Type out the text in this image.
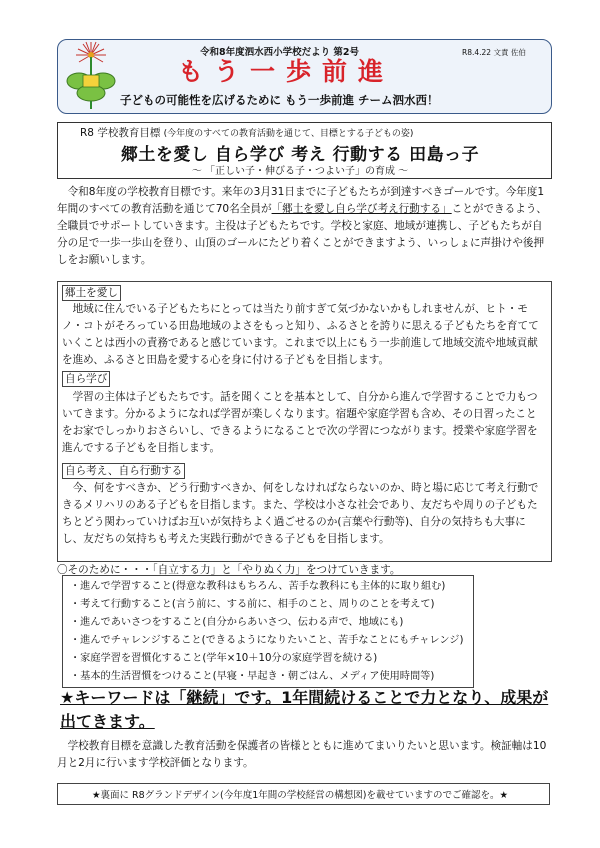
令和8年度泗水西小学校だより 第2号	R8.4.22 文責 佐伯
もう一歩前進
子どもの可能性を広げるために もう一歩前進 チーム泗水西！
R8 学校教育目標 (今年度のすべての教育活動を通じて、目標とする子どもの姿)
郷土を愛し 自ら学び 考え 行動する 田島っ子
～ 「正しい子・伸びる子・つよい子」の育成 ～

　令和8年度の学校教育目標です。来年の3月31日までに子どもたちが到達すべきゴールです。今年度1年間のすべての教育活動を通じて70名全員が「郷土を愛し自ら学び考え行動する」ことができるよう、全職員でサポートしていきます。主役は子どもたちです。学校と家庭、地域が連携し、子どもたちが自分の足で一歩一歩山を登り、山頂のゴールにたどり着くことができますよう、いっしょに声掛けや後押しをお願いします。

郷土を愛し

　地域に住んでいる子どもたちにとっては当たり前すぎて気づかないかもしれませんが、ヒト・モノ・コトがそろっている田島地域のよさをもっと知り、ふるさとを誇りに思える子どもたちを育てていくことは西小の責務であると感じています。これまで以上にもう一歩前進して地域交流や地域貢献を進め、ふるさと田島を愛する心を身に付ける子どもを目指します。

自ら学び

　学習の主体は子どもたちです。話を聞くことを基本として、自分から進んで学習することで力もついてきます。分かるようになれば学習が楽しくなります。宿題や家庭学習も含め、その日習ったことをお家でしっかりおさらいし、できるようになることで次の学習につながります。授業や家庭学習を進んでする子どもを目指します。

自ら考え、自ら行動する

　今、何をすべきか、どう行動すべきか、何をしなければならないのか、時と場に応じて考え行動できるメリハリのある子どもを目指します。また、学校は小さな社会であり、友だちや周りの子どもたちとどう関わっていけばお互いが気持ちよく過ごせるのか(言葉や行動等)、自分の気持ちも大事にし、友だちの気持ちも考えた実践行動ができる子どもを目指します。

〇そのために・・・「自立する力」と「やりぬく力」をつけていきます。
・進んで学習すること(得意な教科はもちろん、苦手な教科にも主体的に取り組む)
・考えて行動すること(言う前に、する前に、相手のこと、周りのことを考えて)
・進んであいさつをすること(自分からあいさつ、伝わる声で、地域にも)
・進んでチャレンジすること(できるようになりたいこと、苦手なことにもチャレンジ)
・家庭学習を習慣化すること(学年×10＋10分の家庭学習を続ける)
・基本的生活習慣をつけること(早寝・早起き・朝ごはん、メディア使用時間等)
★キーワードは「継続」です。1年間続けることで力となり、成果が出てきます。

　学校教育目標を意識した教育活動を保護者の皆様とともに進めてまいりたいと思います。検証軸は10月と2月に行います学校評価となります。

★裏面に R8グランドデザイン(今年度1年間の学校経営の構想図)を載せていますのでご確認を。★
